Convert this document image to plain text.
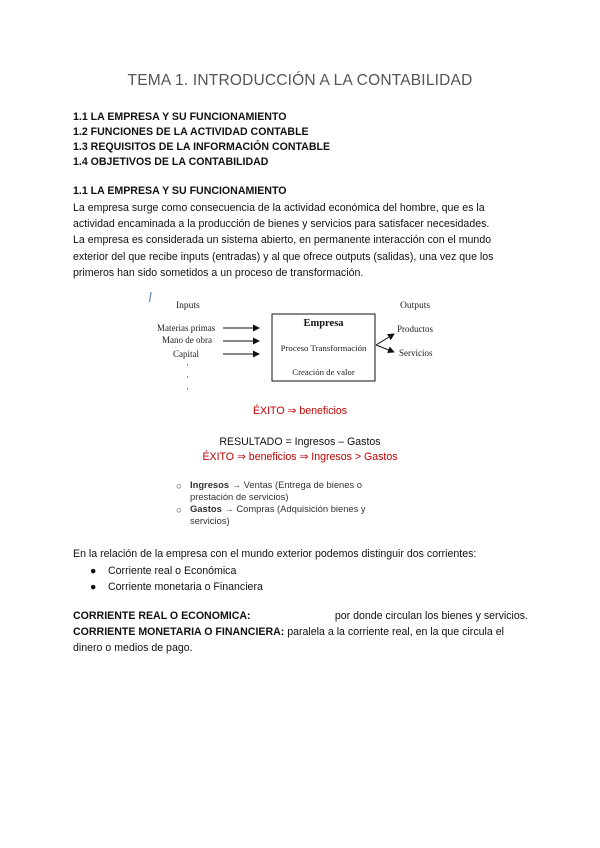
TEMA 1. INTRODUCCIÓN A LA CONTABILIDAD
1.1 LA EMPRESA Y SU FUNCIONAMIENTO
1.2 FUNCIONES DE LA ACTIVIDAD CONTABLE
1.3 REQUISITOS DE LA INFORMACIÓN CONTABLE
1.4 OBJETIVOS DE LA CONTABILIDAD
1.1 LA EMPRESA Y SU FUNCIONAMIENTO
La empresa surge como consecuencia de la actividad económica del hombre, que es la
actividad encaminada a la producción de bienes y servicios para satisfacer necesidades.
La empresa es considerada un sistema abierto, en permanente interacción con el mundo
exterior del que recibe inputs (entradas) y al que ofrece outputs (salidas), una vez que los
primeros han sido sometidos a un proceso de transformación.
Inputs
Materias primas
Mano de obra
Capital
·
·
·
Empresa
Proceso Transformación
Creación de valor
Outputs
Productos
Servicios
ÉXITO ⇒ beneficios
RESULTADO = Ingresos – Gastos
ÉXITO ⇒ beneficios ⇒ Ingresos > Gastos
○ Ingresos → Ventas (Entrega de bienes o
prestación de servicios)
○ Gastos → Compras (Adquisición bienes y
servicios)
En la relación de la empresa con el mundo exterior podemos distinguir dos corrientes:
● Corriente real o Económica
● Corriente monetaria o Financiera
CORRIENTE REAL O ECONOMICA:	por donde circulan los bienes y servicios.
CORRIENTE MONETARIA O FINANCIERA: paralela a la corriente real, en la que circula el
dinero o medios de pago.
